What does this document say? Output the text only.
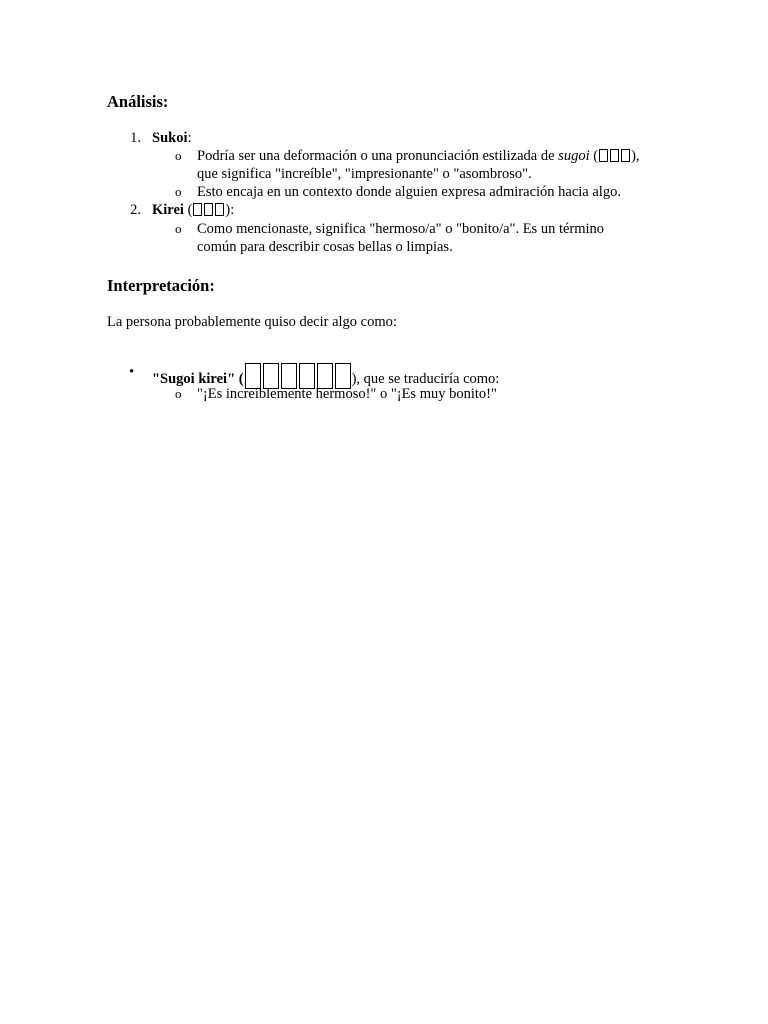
Análisis:
1. Sukoi:
o Podría ser una deformación o una pronunciación estilizada de sugoi ( ),
que significa "increíble", "impresionante" o "asombroso".
o Esto encaja en un contexto donde alguien expresa admiración hacia algo.
2. Kirei ( ):
o Como mencionaste, significa "hermoso/a" o "bonito/a". Es un término
común para describir cosas bellas o limpias.
Interpretación:
La persona probablemente quiso decir algo como:
• "Sugoi kirei" (	), que se traduciría como:
o "¡Es increíblemente hermoso!" o "¡Es muy bonito!"
